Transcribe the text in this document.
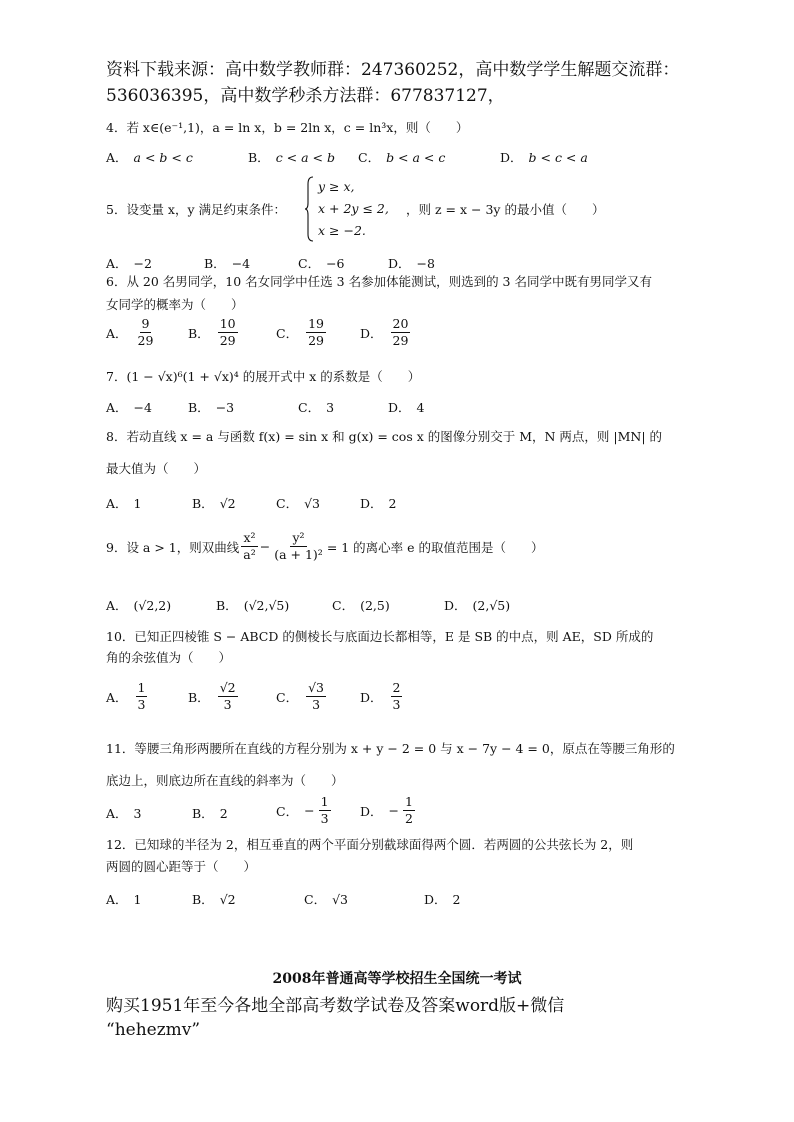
资料下载来源：高中数学教师群：247360252，高中数学学生解题交流群：
536036395，高中数学秒杀方法群：677837127，
4．若 x∈(e⁻¹,1)，a = ln x，b = 2ln x，c = ln³x，则（　　）
A． a < b < c	B． c < a < b C． b < a < c	D． b < c < a
5．设变量 x，y 满足约束条件：
y ≥ x,
x + 2y ≤ 2,
x ≥ −2.
，则 z = x − 3y 的最小值（　　）
A． −2	B． −4	C． −6	D． −8
6．从 20 名男同学，10 名女同学中任选 3 名参加体能测试，则选到的 3 名同学中既有男同学又有
女同学的概率为（　　）
A． $\frac{9}{29}$	B． $\frac{10}{29}$	C． $\frac{19}{29}$	D． $\frac{20}{29}$
7．(1 − √x)⁶(1 + √x)⁴ 的展开式中 x 的系数是（　　）
A． −4	B． −3	C． 3	D． 4
8．若动直线 x = a 与函数 f(x) = sin x 和 g(x) = cos x 的图像分别交于 M，N 两点，则 |MN| 的
最大值为（　　）
A． 1	B． √2	C． √3	D． 2
9．设 a > 1，则双曲线 $\frac{\text{x²}}{\text{a²}} - \frac{\text{y²}}{\text{(a + 1)²}} = 1$ 的离心率 e 的取值范围是（　　）
A． (√2,2)	B． (√2,√5)	C． (2,5)	D． (2,√5)
10．已知正四棱锥 S − ABCD 的侧棱长与底面边长都相等，E 是 SB 的中点，则 AE，SD 所成的
角的余弦值为（　　）
A． $\frac{1}{3}$	B． $\frac{√2}{3}$	C． $\frac{√3}{3}$	D． $\frac{2}{3}$
11．等腰三角形两腰所在直线的方程分别为 x + y − 2 = 0 与 x − 7y − 4 = 0，原点在等腰三角形的
底边上，则底边所在直线的斜率为（　　）
A． 3	B． 2	C． − $\frac{1}{3}$ D． − $\frac{1}{2}$
12．已知球的半径为 2，相互垂直的两个平面分别截球面得两个圆．若两圆的公共弦长为 2，则
两圆的圆心距等于（　　）
A． 1	B． √2	C． √3	D． 2
2008年普通高等学校招生全国统一考试
购买1951年至今各地全部高考数学试卷及答案word版+微信
“hehezmv”
